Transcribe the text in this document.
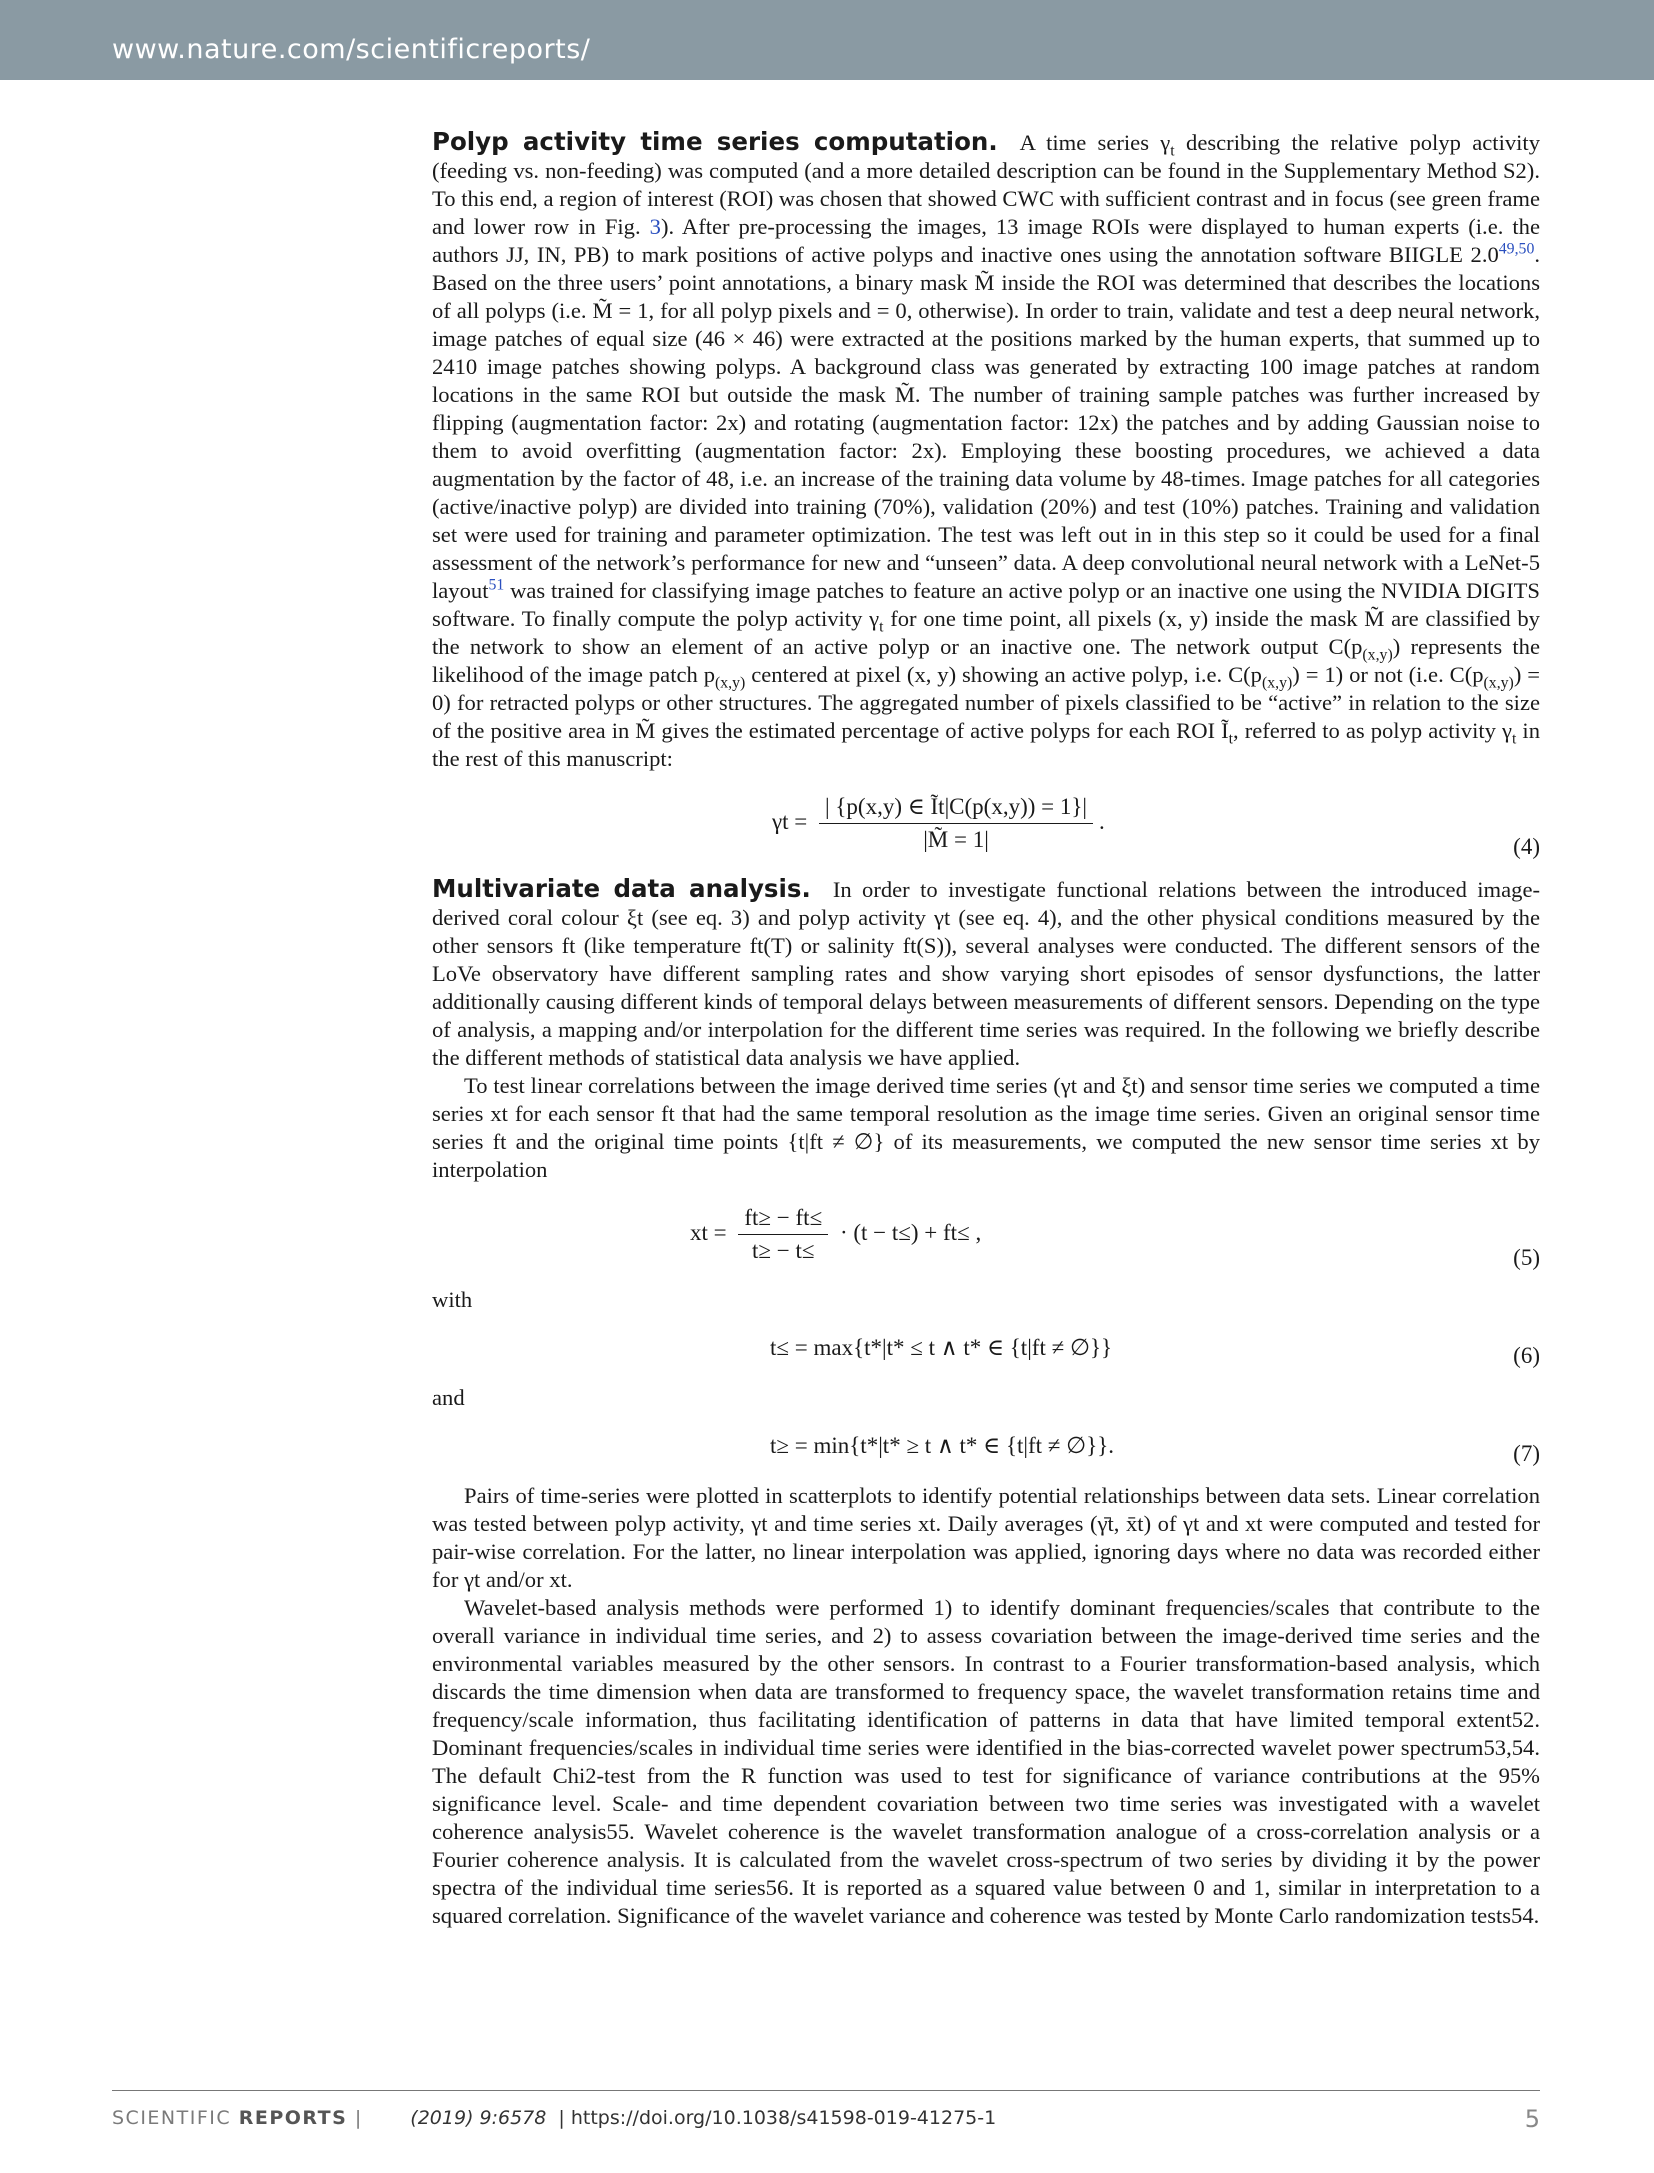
www.nature.com/scientificreports/

Polyp activity time series computation. A time series $\gamma_t$ describing the relative polyp activity (feeding vs. non-feeding) was computed (and a more detailed description can be found in the Supplementary Method S2). To this end, a region of interest (ROI) was chosen that showed CWC with sufficient contrast and in focus (see green frame and lower row in Fig. 3). After pre-processing the images, 13 image ROIs were displayed to human experts (i.e. the authors JJ, IN, PB) to mark positions of active polyps and inactive ones using the annotation software BIIGLE 2.0$^{49,50}$. Based on the three users’ point annotations, a binary mask M̃ inside the ROI was determined that describes the locations of all polyps (i.e. M̃ = 1, for all polyp pixels and = 0, otherwise). In order to train, validate and test a deep neural network, image patches of equal size (46 × 46) were extracted at the positions marked by the human experts, that summed up to 2410 image patches showing polyps. A background class was generated by extracting 100 image patches at random locations in the same ROI but outside the mask M̃. The number of training sample patches was further increased by flipping (augmentation factor: 2x) and rotating (augmentation factor: 12x) the patches and by adding Gaussian noise to them to avoid overfitting (augmentation factor: 2x). Employing these boosting procedures, we achieved a data augmentation by the factor of 48, i.e. an increase of the training data volume by 48-times. Image patches for all categories (active/inactive polyp) are divided into training (70%), validation (20%) and test (10%) patches. Training and validation set were used for training and parameter optimization. The test was left out in in this step so it could be used for a final assessment of the network’s performance for new and “unseen” data. A deep convolutional neural network with a LeNet-5 layout$^{51}$ was trained for classifying image patches to feature an active polyp or an inactive one using the NVIDIA DIGITS software. To finally compute the polyp activity $\gamma_t$ for one time point, all pixels (x, y) inside the mask M̃ are classified by the network to show an element of an active polyp or an inactive one. The network output $C(p_{(x,y)})$ represents the likelihood of the image patch $p_{(x,y)}$ centered at pixel (x, y) showing an active polyp, i.e. $C(p_{(x,y)}) = 1$) or not (i.e. $C(p_{(x,y)}) = 0$) for retracted polyps or other structures. The aggregated number of pixels classified to be “active” in relation to the size of the positive area in M̃ gives the estimated percentage of active polyps for each ROI $Ĩ_t$, referred to as polyp activity $\gamma_t$ in the rest of this manuscript:

$\gamma t = \frac{| \{p(x,y) \in Ĩt|C(p(x,y)) = 1\}|}{|M̃ = 1|}$ .
(4)

Multivariate data analysis. In order to investigate functional relations between the introduced image-derived coral colour ξt (see eq. 3) and polyp activity γt (see eq. 4), and the other physical conditions measured by the other sensors ft (like temperature ft(T) or salinity ft(S)), several analyses were conducted. The different sensors of the LoVe observatory have different sampling rates and show varying short episodes of sensor dysfunctions, the latter additionally causing different kinds of temporal delays between measurements of different sensors. Depending on the type of analysis, a mapping and/or interpolation for the different time series was required. In the following we briefly describe the different methods of statistical data analysis we have applied.

To test linear correlations between the image derived time series (γt and ξt) and sensor time series we computed a time series xt for each sensor ft that had the same temporal resolution as the image time series. Given an original sensor time series ft and the original time points {t|ft ≠ ∅} of its measurements, we computed the new sensor time series xt by interpolation

xt = $\frac{ft\ge - ft\le}{t\ge - t\le} \cdot (t - t\le) + ft\le$ ,
(5)

with

t≤ = max{t*|t* ≤ t ∧ t* ∈ {t|ft ≠ ∅}}	(6)

and

t≥ = min{t*|t* ≥ t ∧ t* ∈ {t|ft ≠ ∅}}.	(7)

Pairs of time-series were plotted in scatterplots to identify potential relationships between data sets. Linear correlation was tested between polyp activity, γt and time series xt. Daily averages (γ̄t, x̄t) of γt and xt were computed and tested for pair-wise correlation. For the latter, no linear interpolation was applied, ignoring days where no data was recorded either for γt and/or xt.

Wavelet-based analysis methods were performed 1) to identify dominant frequencies/scales that contribute to the overall variance in individual time series, and 2) to assess covariation between the image-derived time series and the environmental variables measured by the other sensors. In contrast to a Fourier transformation-based analysis, which discards the time dimension when data are transformed to frequency space, the wavelet transformation retains time and frequency/scale information, thus facilitating identification of patterns in data that have limited temporal extent52. Dominant frequencies/scales in individual time series were identified in the bias-corrected wavelet power spectrum53,54. The default Chi2-test from the R function was used to test for significance of variance contributions at the 95% significance level. Scale- and time dependent covariation between two time series was investigated with a wavelet coherence analysis55. Wavelet coherence is the wavelet transformation analogue of a cross-correlation analysis or a Fourier coherence analysis. It is calculated from the wavelet cross-spectrum of two series by dividing it by the power spectra of the individual time series56. It is reported as a squared value between 0 and 1, similar in interpretation to a squared correlation. Significance of the wavelet variance and coherence was tested by Monte Carlo randomization tests54.

SCIENTIFIC REPORTS | (2019) 9:6578 | https://doi.org/10.1038/s41598-019-41275-1	5
